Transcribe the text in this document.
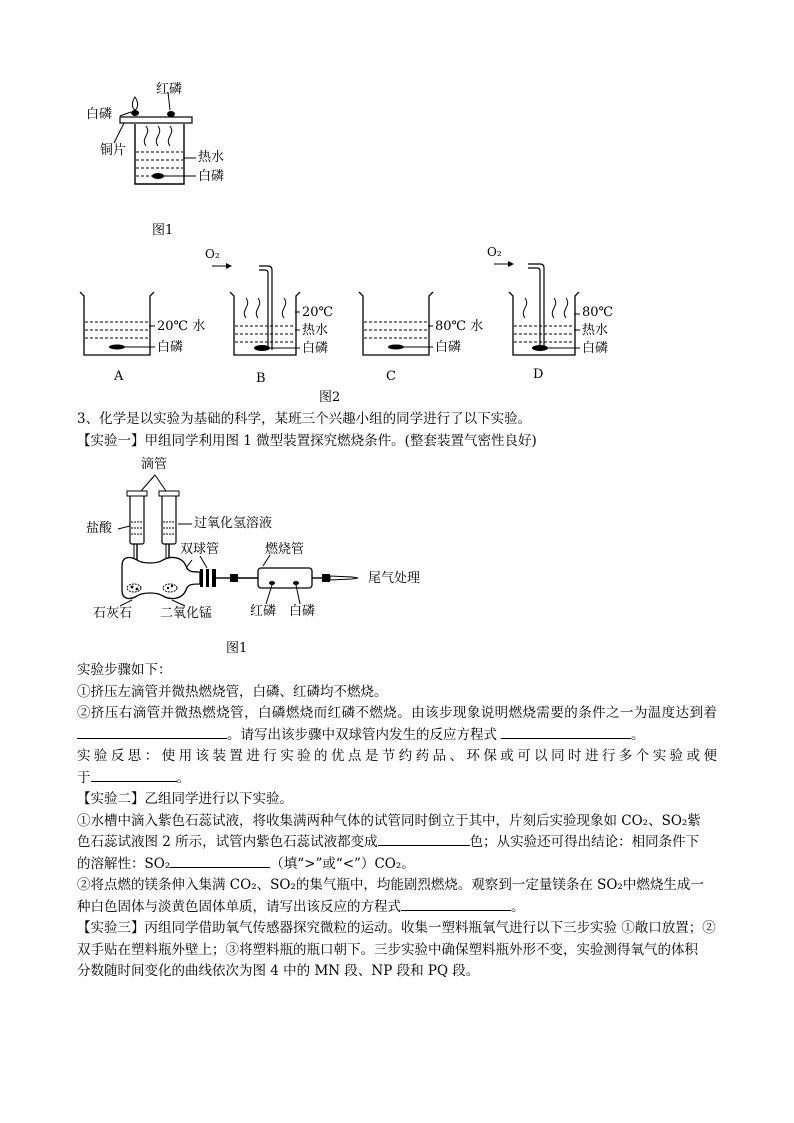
红磷
白磷
铜片	热水
白磷
图1
O₂	O₂
20℃ 水
白磷
A
20℃
热水
白磷
B
80℃ 水
白磷
C
80℃
热水
白磷
D
图2
3、化学是以实验为基础的科学，某班三个兴趣小组的同学进行了以下实验。
【实验一】甲组同学利用图 1 微型装置探究燃烧条件。(整套装置气密性良好)
滴管
盐酸	过氧化氢溶液
双球管	燃烧管
尾气处理
石灰石 二氧化锰	红磷 白磷
图1
实验步骤如下：
①挤压左滴管并微热燃烧管，白磷、红磷均不燃烧。
②挤压右滴管并微热燃烧管，白磷燃烧而红磷不燃烧。由该步现象说明燃烧需要的条件之一为温度达到着
。请写出该步骤中双球管内发生的反应方程式	。
实验反思：使用该装置进行实验的优点是节约药品、环保或可以同时进行多个实验或便
于	。
【实验二】乙组同学进行以下实验。
①水槽中滴入紫色石蕊试液，将收集满两种气体的试管同时倒立于其中，片刻后实验现象如 CO₂、SO₂紫
色石蕊试液图 2 所示，试管内紫色石蕊试液都变成	色；从实验还可得出结论：相同条件下
的溶解性：SO₂	（填“>”或“<”）CO₂。
②将点燃的镁条伸入集满 CO₂、SO₂的集气瓶中，均能剧烈燃烧。观察到一定量镁条在 SO₂中燃烧生成一
种白色固体与淡黄色固体单质，请写出该反应的方程式	。
【实验三】丙组同学借助氧气传感器探究微粒的运动。收集一塑料瓶氧气进行以下三步实验 ①敞口放置；②
双手贴在塑料瓶外壁上；③将塑料瓶的瓶口朝下。三步实验中确保塑料瓶外形不变，实验测得氧气的体积
分数随时间变化的曲线依次为图 4 中的 MN 段、NP 段和 PQ 段。
